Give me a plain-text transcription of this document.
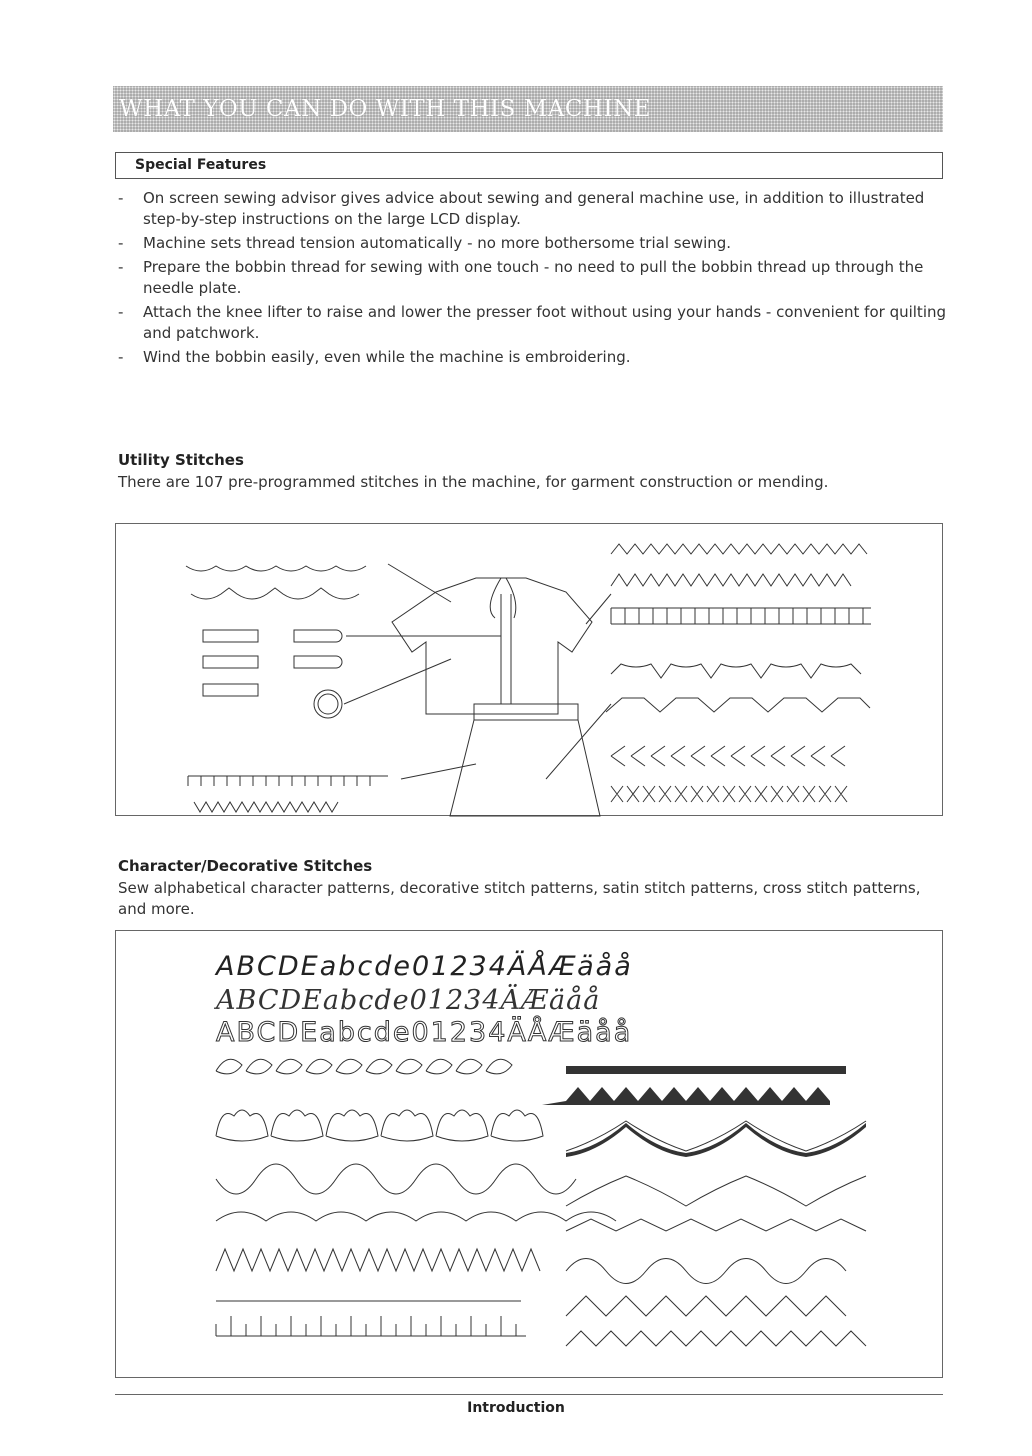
WHAT YOU CAN DO WITH THIS MACHINE
Special Features
- On screen sewing advisor gives advice about sewing and general machine use, in addition to illustrated step-by-step instructions on the large LCD display.
- Machine sets thread tension automatically - no more bothersome trial sewing.
- Prepare the bobbin thread for sewing with one touch - no need to pull the bobbin thread up through the needle plate.
- Attach the knee lifter to raise and lower the presser foot without using your hands - convenient for quilting and patchwork.
- Wind the bobbin easily, even while the machine is embroidering.
Utility Stitches
There are 107 pre-programmed stitches in the machine, for garment construction or mending.
Character/Decorative Stitches
Sew alphabetical character patterns, decorative stitch patterns, satin stitch patterns, cross stitch patterns, and more.
ABCDEabcde01234ÄÅÆäåå
ABCDEabcde01234ÄÆäåå
ABCDEabcde01234ÄÅÆäåå
Introduction
